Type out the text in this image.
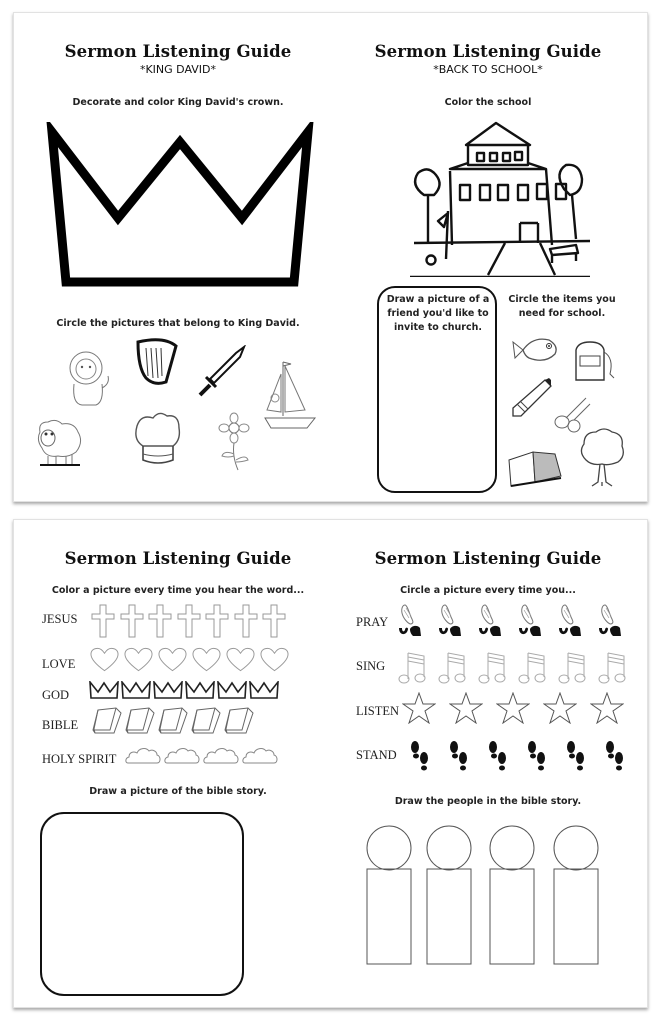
Sermon Listening Guide
*KING DAVID*
Decorate and color King David's crown.
Circle the pictures that belong to King David.
Sermon Listening Guide
*BACK TO SCHOOL*
Color the school
Draw a picture of a friend you'd like to invite to church.
Circle the items you need for school.
Sermon Listening Guide
Color a picture every time you hear the word...
JESUS
LOVE
GOD
BIBLE
HOLY SPIRIT
Draw a picture of the bible story.
Sermon Listening Guide
Circle a picture every time you...
PRAY
SING
LISTEN
STAND
Draw the people in the bible story.
